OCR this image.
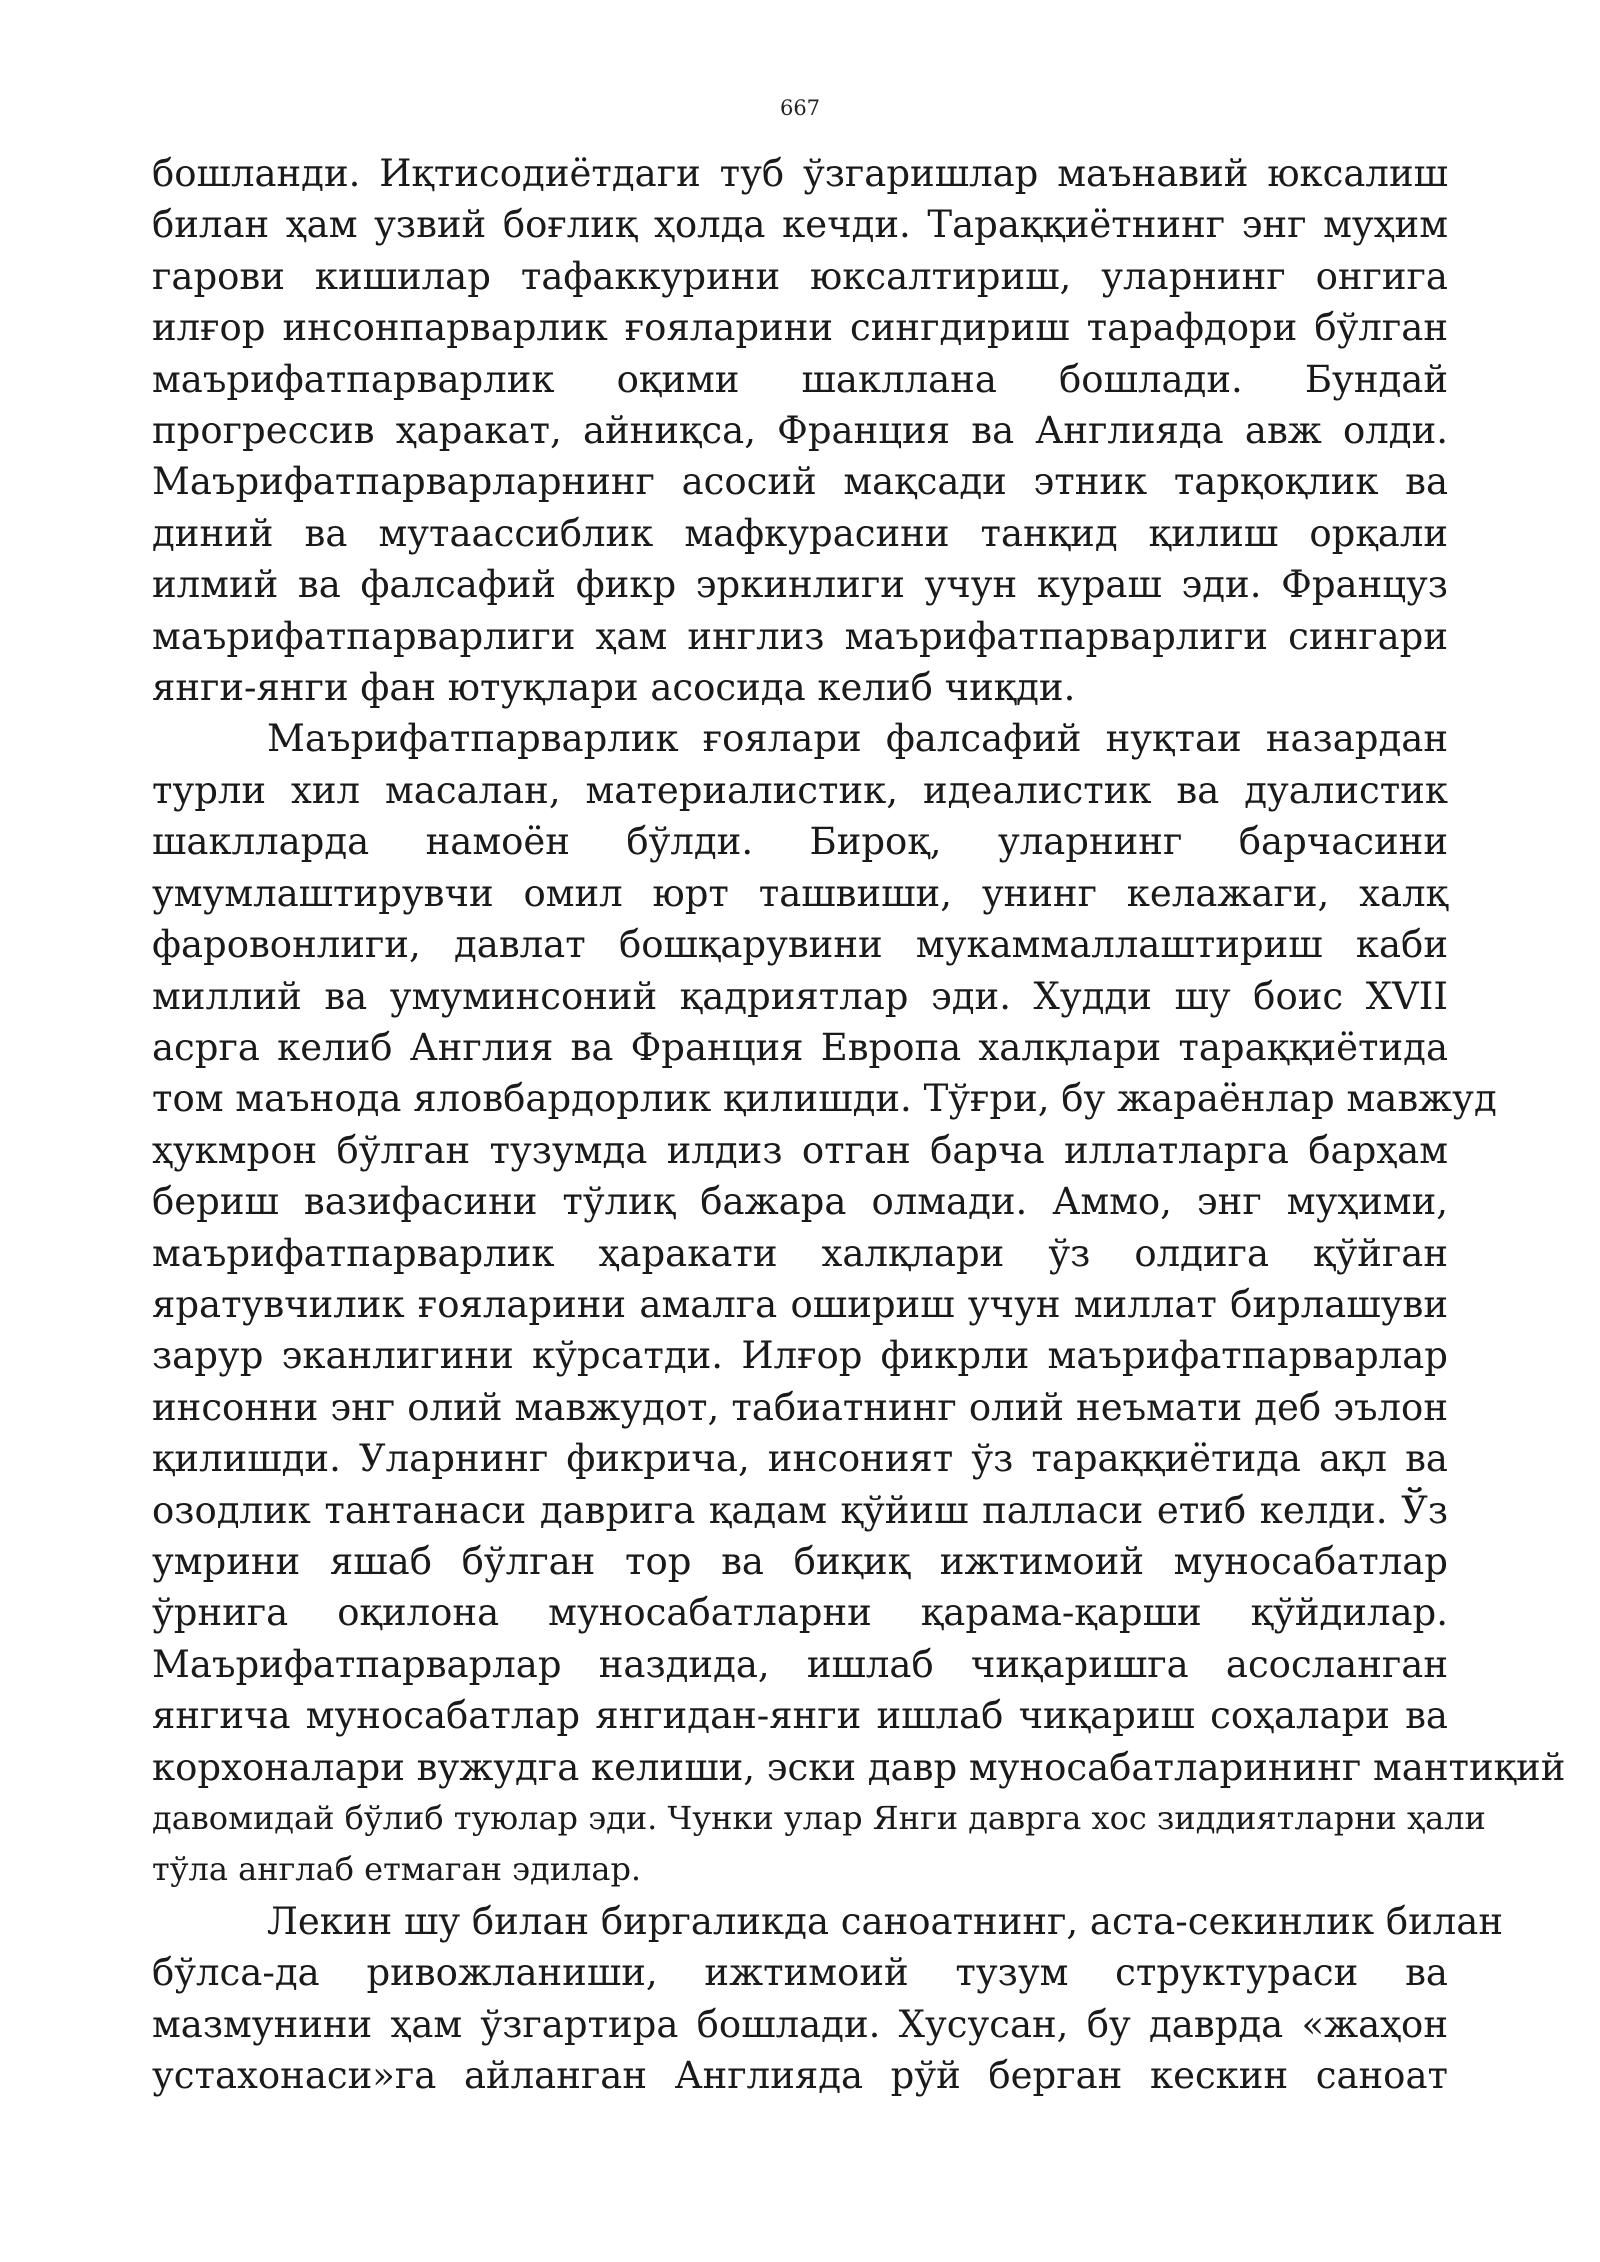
667

бошланди. Иқтисодиётдаги туб ўзгаришлар маънавий юксалиш
билан ҳам узвий боғлиқ ҳолда кечди. Тараққиётнинг энг муҳим
гарови кишилар тафаккурини юксалтириш, уларнинг онгига
илғор инсонпарварлик ғояларини сингдириш тарафдори бўлган
маърифатпарварлик оқими шакллана бошлади. Бундай
прогрессив ҳаракат, айниқса, Франция ва Англияда авж олди.
Маърифатпарварларнинг асосий мақсади этник тарқоқлик ва
диний ва мутаассиблик мафкурасини танқид қилиш орқали
илмий ва фалсафий фикр эркинлиги учун кураш эди. Француз
маърифатпарварлиги ҳам инглиз маърифатпарварлиги сингари
янги-янги фан ютуқлари асосида келиб чиқди.
Маърифатпарварлик ғоялари фалсафий нуқтаи назардан
турли хил масалан, материалистик, идеалистик ва дуалистик
шаклларда намоён бўлди. Бироқ, уларнинг барчасини
умумлаштирувчи омил юрт ташвиши, унинг келажаги, халқ
фаровонлиги, давлат бошқарувини мукаммаллаштириш каби
миллий ва умуминсоний қадриятлар эди. Худди шу боис XVII
асрга келиб Англия ва Франция Европа халқлари тараққиётида
том маънода яловбардорлик қилишди. Тўғри, бу жараёнлар мавжуд
ҳукмрон бўлган тузумда илдиз отган барча иллатларга барҳам
бериш вазифасини тўлиқ бажара олмади. Аммо, энг муҳими,
маърифатпарварлик ҳаракати халқлари ўз олдига қўйган
яратувчилик ғояларини амалга ошириш учун миллат бирлашуви
зарур эканлигини кўрсатди. Илғор фикрли маърифатпарварлар
инсонни энг олий мавжудот, табиатнинг олий неъмати деб эълон
қилишди. Уларнинг фикрича, инсоният ўз тараққиётида ақл ва
озодлик тантанаси даврига қадам қўйиш палласи етиб келди. Ўз
умрини яшаб бўлган тор ва биқиқ ижтимоий муносабатлар
ўрнига оқилона муносабатларни қарама-қарши қўйдилар.
Маърифатпарварлар наздида, ишлаб чиқаришга асосланган
янгича муносабатлар янгидан-янги ишлаб чиқариш соҳалари ва
корхоналари вужудга келиши, эски давр муносабатларининг мантиқий
давомидай бўлиб туюлар эди. Чунки улар Янги даврга хос зиддиятларни ҳали
тўла англаб етмаган эдилар.
Лекин шу билан биргаликда саноатнинг, аста-секинлик билан
бўлса-да ривожланиши, ижтимоий тузум структураси ва
мазмунини ҳам ўзгартира бошлади. Хусусан, бу даврда «жаҳон
устахонаси»га айланган Англияда рўй берган кескин саноат
